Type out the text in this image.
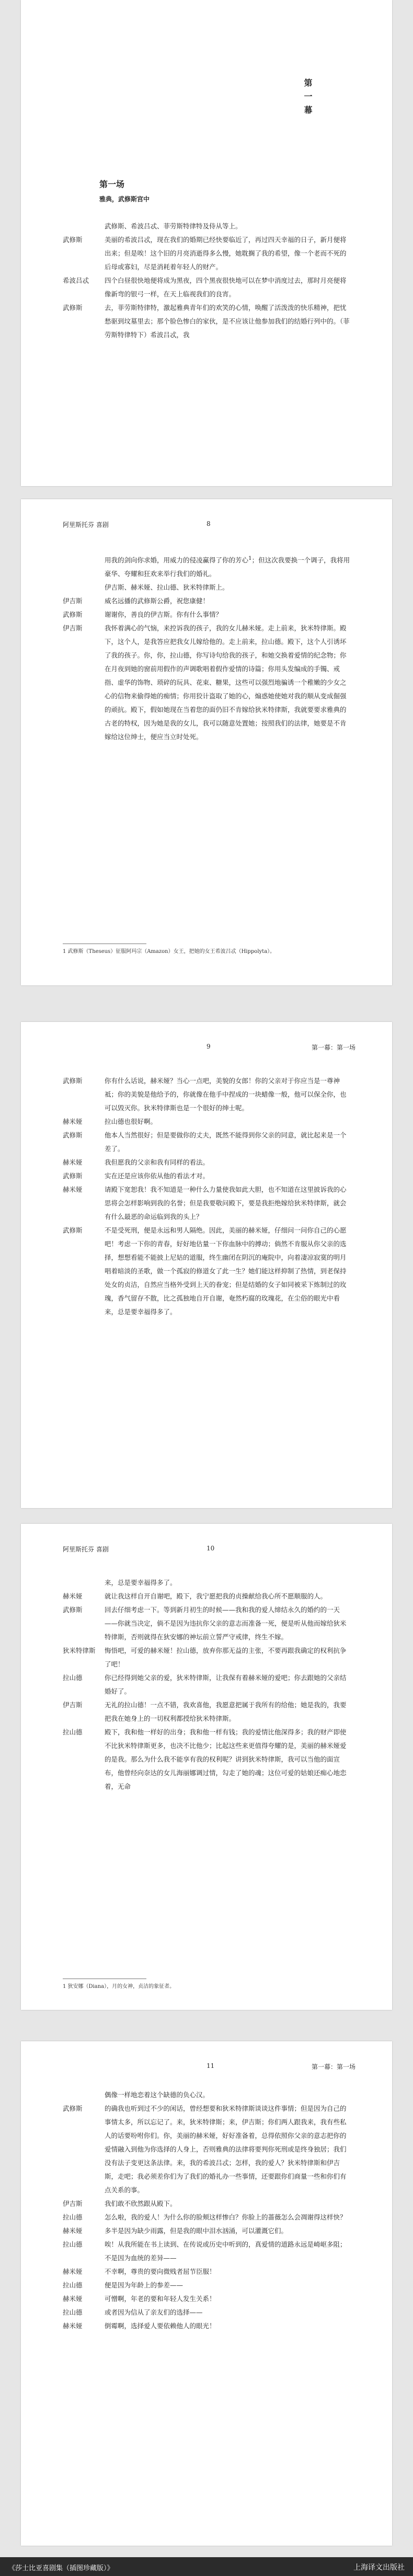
第一幕
第一场
雅典，武修斯宫中
武修斯、希波吕忒、菲劳斯特律特及侍从等上。
武修斯	美丽的希波吕忒，现在我们的婚期已经快要临近了，再过四天幸福的日子，新月便将出来；但是唉！这个旧的月亮消逝得多么慢，她耽搁了我的希望，像一个老而不死的后母或寡妇，尽是消耗着年轻人的财产。
希波吕忒	四个白昼很快地便将成为黑夜，四个黑夜很快地可以在梦中消度过去，那时月亮便将像新弯的银弓一样，在天上临视我们的良宵。
武修斯	去，菲劳斯特律特，激起雅典青年们的欢笑的心情，唤醒了活泼泼的快乐精神，把忧愁驱到坟墓里去；那个脸色惨白的家伙，是不应该让他参加我们的结婚行列中的。（菲劳斯特律特下）希波吕忒，我
阿里斯托芬 喜剧	8
用我的剑向你求婚，用威力的侵凌赢得了你的芳心$^1$；但这次我要换一个调子，我将用豪华、夸耀和狂欢来举行我们的婚礼。
伊吉斯、赫米娅、拉山德、狄米特律斯上。
伊吉斯	威名远播的武修斯公爵，祝您康健！
武修斯	谢谢你，善良的伊吉斯。你有什么事情？
伊吉斯	我怀着满心的气恼，来控诉我的孩子，我的女儿赫米娅。走上前来，狄米特律斯。殿下，这个人，是我答应把我女儿嫁给他的。走上前来，拉山德。殿下，这个人引诱坏了我的孩子。你，你，拉山德，你写诗句给我的孩子，和她交换着爱情的纪念物；你在月夜到她的窗前用假作的声调歌唱着假作爱情的诗篇；你用头发编成的手镯、戒指、虚华的饰物、琐碎的玩具、花束、糖果，这些可以强烈地骗诱一个稚嫩的少女之心的信物来偷得她的痴情；你用狡计盗取了她的心，煽惑她使她对我的顺从变成倔强的顽抗。殿下，假如她现在当着您的面仍旧不肯嫁给狄米特律斯，我就要要求雅典的古老的特权，因为她是我的女儿，我可以随意处置她；按照我们的法律，她要是不肯嫁给这位绅士，便应当立时处死。
1 武修斯（Theseus）征服阿玛宗（Amazon）女王，把她的女王希波吕忒（Hippolyta）。
9	第一幕：第一场
武修斯	你有什么话说，赫米娅？当心一点吧，美貌的女郎！你的父亲对于你应当是一尊神祗；你的美貌是他给予的，你就像在他手中捏成的一块蜡像一般，他可以保全你，也可以毁灭你。狄米特律斯也是一个很好的绅士呢。
赫米娅	拉山德也很好啊。
武修斯	他本人当然很好；但是要做你的丈夫，既然不能得到你父亲的同意，就比起来是一个差了。
赫米娅	我但愿我的父亲和我有同样的看法。
武修斯	实在还是应该你依从他的看法才对。
赫米娅	请殿下宽恕我！我不知道是一种什么力量使我如此大胆，也不知道在这里披诉我的心思将会怎样影响到我的名誉；但是我要敬问殿下，要是我拒绝嫁给狄米特律斯，就会有什么最恶的命运临到我的头上？
武修斯	不是受死刑，便是永远和男人隔绝。因此，美丽的赫米娅，仔细问一问你自己的心愿吧！考虑一下你的青春，好好地估量一下你血脉中的搏动；倘然不肯服从你父亲的选择，想想看能不能披上尼姑的道服，终生幽闭在阴沉的庵院中，向着凄凉寂寞的明月唱着暗淡的圣歌，做一个孤寂的修道女了此一生？她们能这样抑制了热情，到老保持处女的贞洁，自然应当格外受到上天的眷宠；但是结婚的女子如同被采下炼制过的玫瑰，香气留存不散，比之孤独地自开自谢，奄然朽腐的玫瑰花，在尘俗的眼光中看来，总是要幸福得多了。
阿里斯托芬 喜剧	10
来，总是要幸福得多了。
赫米娅	就让我这样自开自谢吧，殿下，我宁愿把我的贞操献给我心所不愿顺服的人。
武修斯	回去仔细考虑一下。等到新月初生的时候——我和我的爱人缔结永久的婚约的一天——你就当决定，倘不是因为违抗你父亲的意志而准备一死，便是听从他而嫁给狄米特律斯，否则就得在狄安娜的神坛前立誓严守戒律，终生不嫁。
狄米特律斯	悔悟吧，可爱的赫米娅！拉山德，放弃你那无益的主张，不要再跟我确定的权利抗争了吧！
拉山德	你已经得到她父亲的爱，狄米特律斯，让我保有着赫米娅的爱吧；你去跟她的父亲结婚好了。
伊吉斯	无礼的拉山德！一点不错，我欢喜他，我愿意把属于我所有的给他；她是我的，我要把我在她身上的一切权利都授给狄米特律斯。
拉山德	殿下，我和他一样好的出身；我和他一样有钱；我的爱情比他深得多；我的财产即使不比狄米特律斯更多，也决不比他少；比起这些来更值得夸耀的是，美丽的赫米娅爱的是我。那么为什么我不能享有我的权利呢？讲到狄米特律斯，我可以当他的面宣布，他曾经向奈达的女儿海丽娜调过情，勾走了她的魂；这位可爱的姑娘还痴心地恋着，无命
1 狄安娜（Diana），月的女神，贞洁的象征者。
11	第一幕：第一场
偶像一样地恋着这个缺德的负心汉。
武修斯	的确我也听到过不少的闲话，曾经想要和狄米特律斯谈谈这件事情；但是因为自己的事情太多，所以忘记了。来，狄米特律斯；来，伊吉斯；你们两人跟我来，我有些私人的话要吩咐你们。你，美丽的赫米娅，好好准备着，总得依照你父亲的意志把你的爱情融入到他为你选择的人身上，否则雅典的法律将要判你死刑或是终身独居；我们没有法子变更这条法律。来，我的希波吕忒；怎样，我的爱人？狄米特律斯和伊吉斯，走吧；我必须差你们为了我们的婚礼办一些事情，还要跟你们商量一些和你们有点关系的事。
伊吉斯	我们敢不欣然跟从殿下。
拉山德	怎么啦，我的爱人！为什么你的脸颊这样惨白？你脸上的蔷薇怎么会凋谢得这样快？
赫米娅	多半是因为缺少雨露，但是我的眼中泪水汹涌，可以灌溉它们。
拉山德	唉！从我所能在书上读到、在传说或历史中听到的，真爱情的道路永远是崎岖多阻；不是因为血统的差异——
赫米娅	不幸啊，尊贵的要向微贱者屈节臣服！
拉山德	便是因为年龄上的参差——
赫米娅	可憎啊，年老的要和年轻人发生关系！
拉山德	或者因为信从了亲友们的选择——
赫米娅	倒霉啊，选择爱人要依赖他人的眼光！
《莎士比亚喜剧集（插图珍藏版）》	上海译文出版社
